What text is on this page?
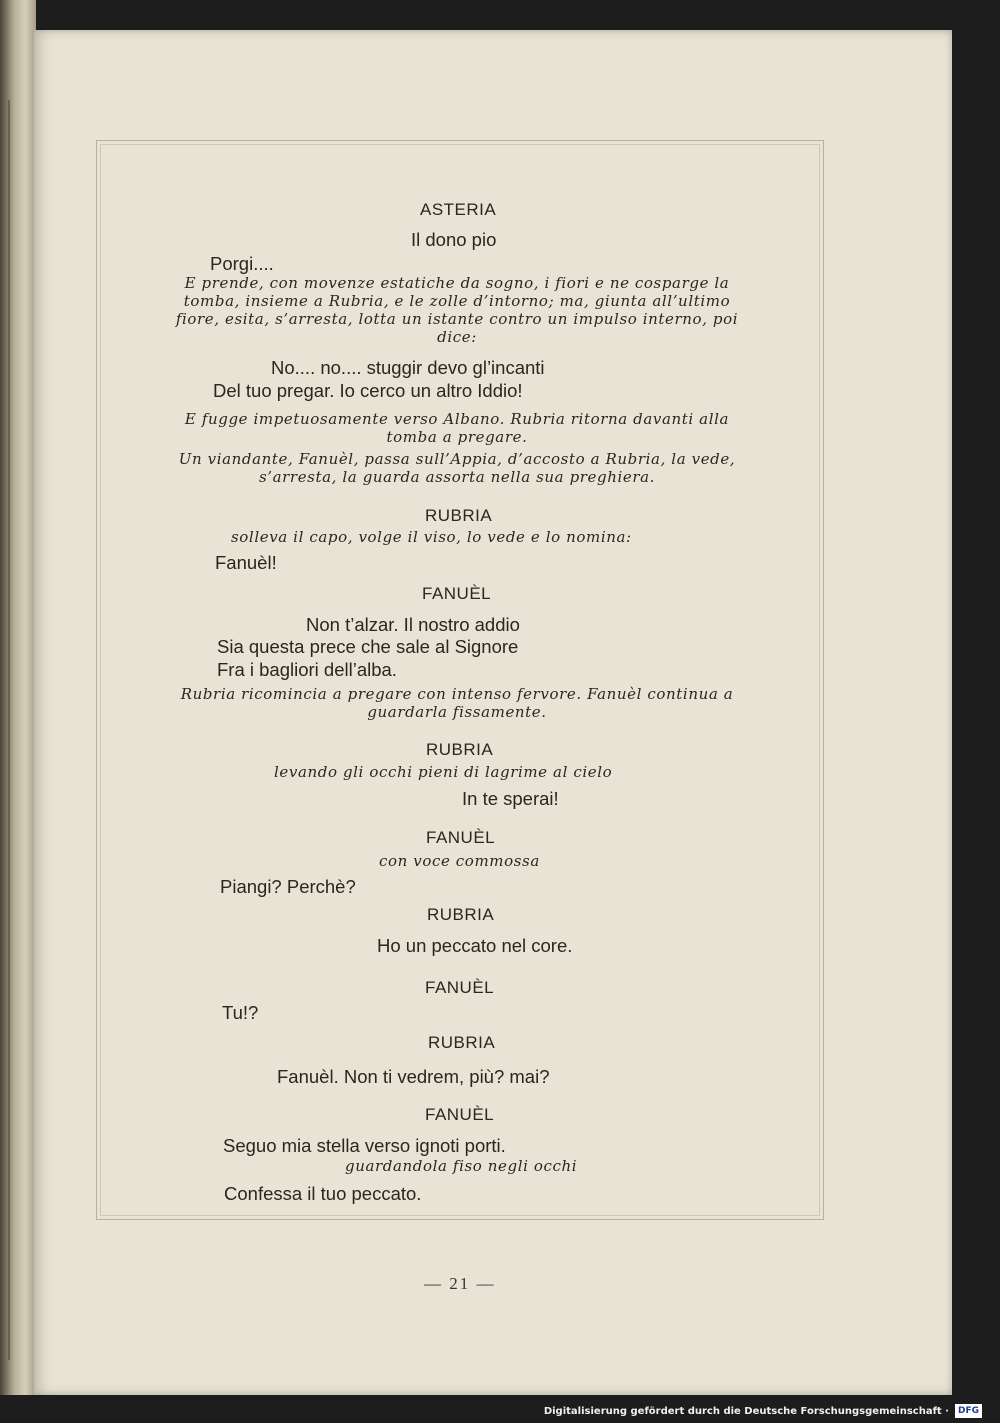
ASTERIA
Il dono pio
Porgi....
E prende, con movenze estatiche da sogno, i fiori e ne cosparge la tomba, insieme a Rubria, e le zolle d’intorno; ma, giunta all’ultimo fiore, esita, s’arresta, lotta un istante contro un impulso interno, poi dice:
No.... no.... stuggir devo gl’incanti
Del tuo pregar. Io cerco un altro Iddio!
E fugge impetuosamente verso Albano. Rubria ritorna davanti alla tomba a pregare.
Un viandante, Fanuèl, passa sull’Appia, d’accosto a Rubria, la vede, s’arresta, la guarda assorta nella sua preghiera.
RUBRIA
solleva il capo, volge il viso, lo vede e lo nomina:
Fanuèl!
FANUÈL
Non t’alzar. Il nostro addio
Sia questa prece che sale al Signore
Fra i bagliori dell’alba.
Rubria ricomincia a pregare con intenso fervore. Fanuèl continua a guardarla fissamente.
RUBRIA
levando gli occhi pieni di lagrime al cielo
In te sperai!
FANUÈL
con voce commossa
Piangi? Perchè?
RUBRIA
Ho un peccato nel core.
FANUÈL
Tu!?
RUBRIA
Fanuèl. Non ti vedrem, più? mai?
FANUÈL
Seguo mia stella verso ignoti porti.
guardandola fiso negli occhi
Confessa il tuo peccato.
— 21 —
Digitalisierung gefördert durch die Deutsche Forschungsgemeinschaft ·	DFG
